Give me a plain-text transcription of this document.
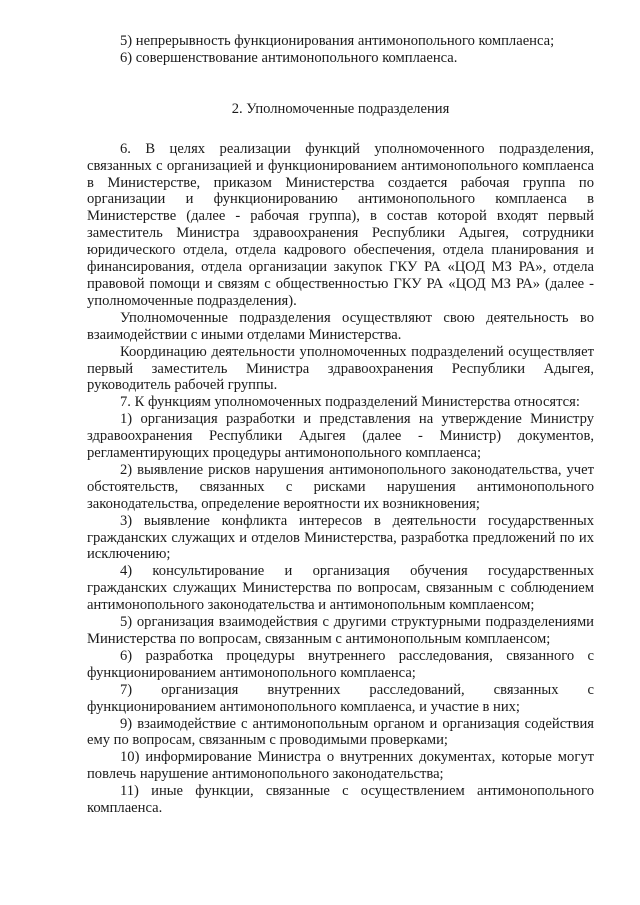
5) непрерывность функционирования антимонопольного комплаенса;

6) совершенствование антимонопольного комплаенса.

2. Уполномоченные подразделения

6. В целях реализации функций уполномоченного подразделения, связанных с организацией и функционированием антимонопольного комплаенса в Министерстве, приказом Министерства создается рабочая группа по организации и функционированию антимонопольного комплаенса в Министерстве (далее - рабочая группа), в состав которой входят первый заместитель Министра здравоохранения Республики Адыгея, сотрудники юридического отдела, отдела кадрового обеспечения, отдела планирования и финансирования, отдела организации закупок ГКУ РА «ЦОД МЗ РА», отдела правовой помощи и связям с общественностью ГКУ РА «ЦОД МЗ РА» (далее - уполномоченные подразделения).

Уполномоченные подразделения осуществляют свою деятельность во взаимодействии с иными отделами Министерства.

Координацию деятельности уполномоченных подразделений осуществляет первый заместитель Министра здравоохранения Республики Адыгея, руководитель рабочей группы.

7. К функциям уполномоченных подразделений Министерства относятся:

1) организация разработки и представления на утверждение Министру здравоохранения Республики Адыгея (далее - Министр) документов, регламентирующих процедуры антимонопольного комплаенса;

2) выявление рисков нарушения антимонопольного законодательства, учет обстоятельств, связанных с рисками нарушения антимонопольного законодательства, определение вероятности их возникновения;

3) выявление конфликта интересов в деятельности государственных гражданских служащих и отделов Министерства, разработка предложений по их исключению;

4) консультирование и организация обучения государственных гражданских служащих Министерства по вопросам, связанным с соблюдением антимонопольного законодательства и антимонопольным комплаенсом;

5) организация взаимодействия с другими структурными подразделениями Министерства по вопросам, связанным с антимонопольным комплаенсом;

6) разработка процедуры внутреннего расследования, связанного с функционированием антимонопольного комплаенса;

7) организация внутренних расследований, связанных с функционированием антимонопольного комплаенса, и участие в них;

9) взаимодействие с антимонопольным органом и организация содействия ему по вопросам, связанным с проводимыми проверками;

10) информирование Министра о внутренних документах, которые могут повлечь нарушение антимонопольного законодательства;

11) иные функции, связанные с осуществлением антимонопольного комплаенса.
